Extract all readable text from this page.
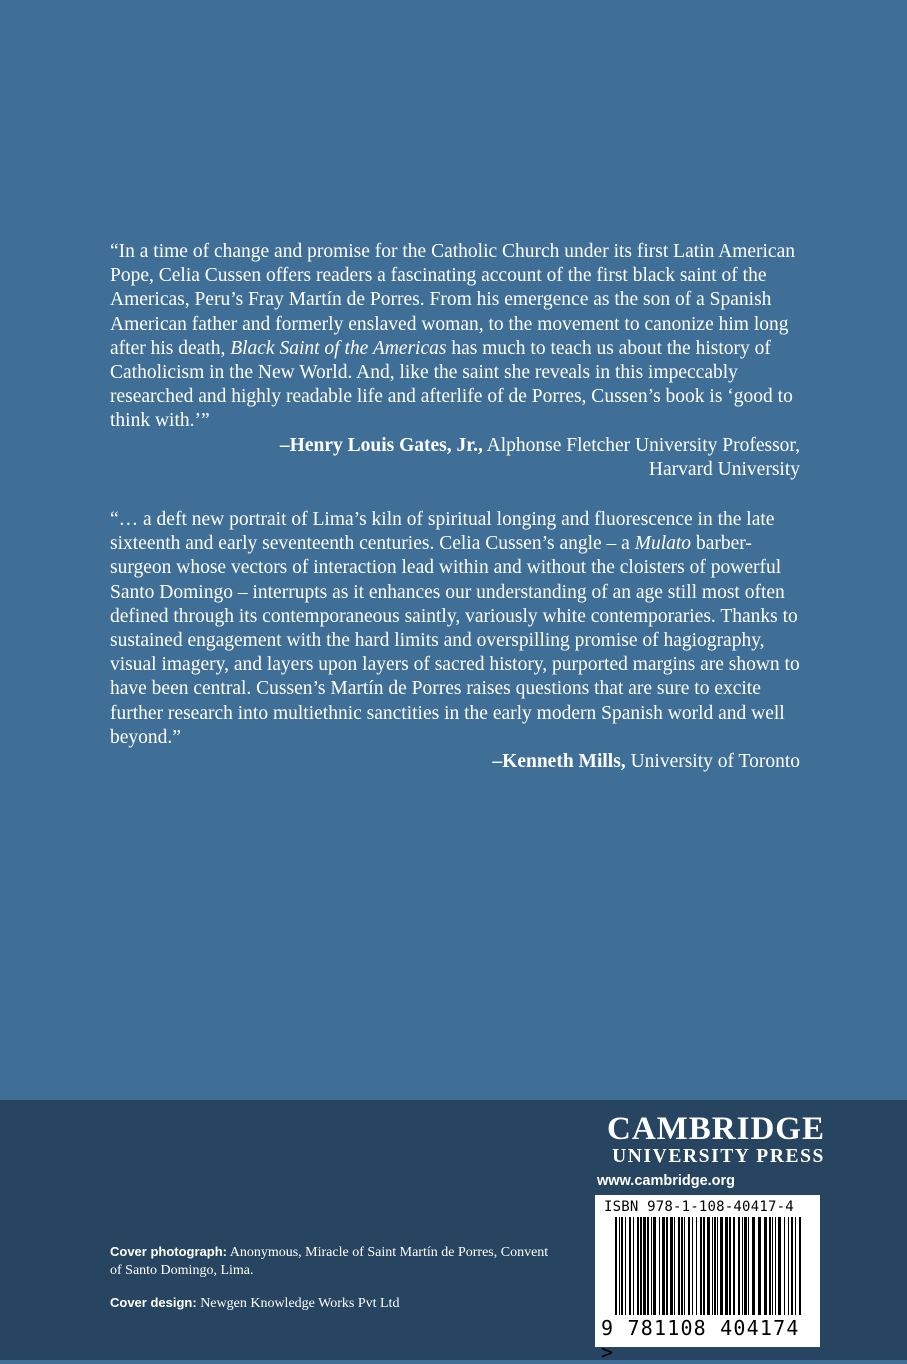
“In a time of change and promise for the Catholic Church under its first Latin American Pope, Celia Cussen offers readers a fascinating account of the first black saint of the Americas, Peru’s Fray Martín de Porres. From his emergence as the son of a Spanish American father and formerly enslaved woman, to the movement to canonize him long after his death, Black Saint of the Americas has much to teach us about the history of Catholicism in the New World. And, like the saint she reveals in this impeccably researched and highly readable life and afterlife of de Porres, Cussen’s book is ‘good to think with.’”

–Henry Louis Gates, Jr., Alphonse Fletcher University Professor,

Harvard University

“… a deft new portrait of Lima’s kiln of spiritual longing and fluorescence in the late sixteenth and early seventeenth centuries. Celia Cussen’s angle – a Mulato barber-surgeon whose vectors of interaction lead within and without the cloisters of powerful Santo Domingo – interrupts as it enhances our understanding of an age still most often defined through its contemporaneous saintly, variously white contemporaries. Thanks to sustained engagement with the hard limits and overspilling promise of hagiography, visual imagery, and layers upon layers of sacred history, purported margins are shown to have been central. Cussen’s Martín de Porres raises questions that are sure to excite further research into multiethnic sanctities in the early modern Spanish world and well beyond.”

–Kenneth Mills, University of Toronto

CAMBRIDGE
UNIVERSITY PRESS
www.cambridge.org

Cover photograph: Anonymous, Miracle of Saint Martín de Porres, Convent of Santo Domingo, Lima.

Cover design: Newgen Knowledge Works Pvt Ltd

ISBN 978-1-108-40417-4
9 781108 404174 >
